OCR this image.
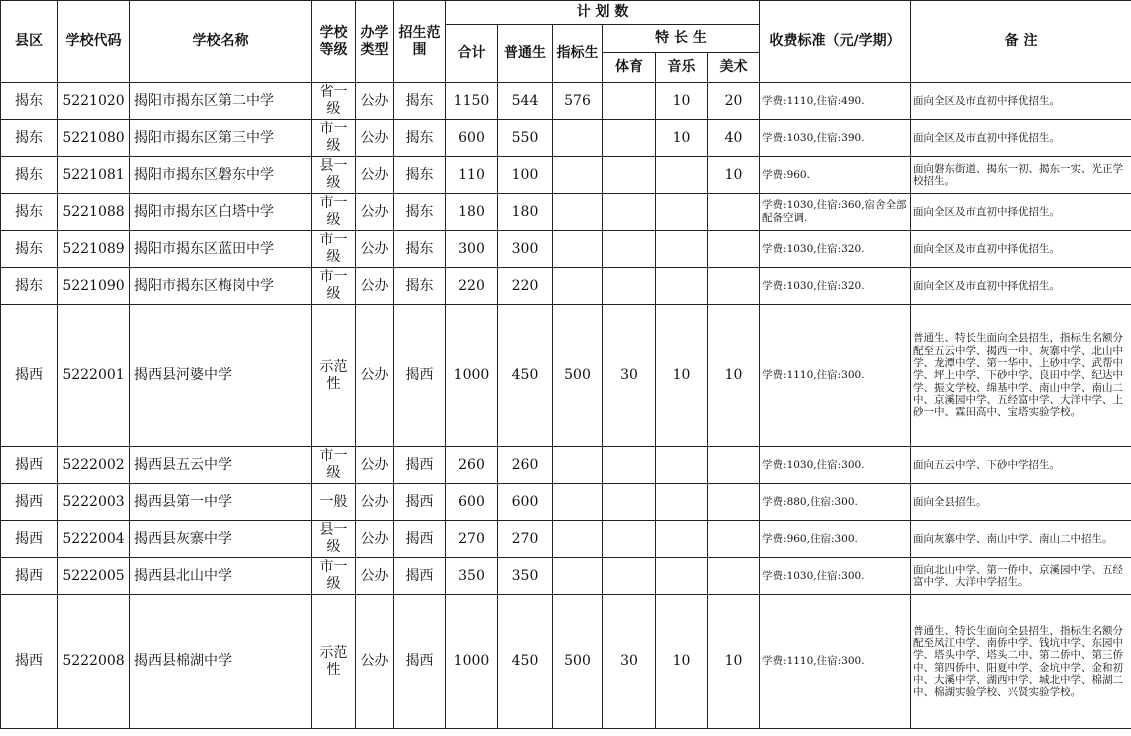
县区	学校代码	学校名称	学校等级	办学类型	招生范围	计 划 数						收费标准（元/学期）	备 注
						合计	普通生	指标生	特 长 生				
									体育	音乐	美术		
揭东	5221020	揭阳市揭东区第二中学	省一级	公办	揭东	1150	544	576		10	20	学费:1110,住宿:490.	面向全区及市直初中择优招生。
揭东	5221080	揭阳市揭东区第三中学	市一级	公办	揭东	600	550			10	40	学费:1030,住宿:390.	面向全区及市直初中择优招生。
揭东	5221081	揭阳市揭东区磐东中学	县一级	公办	揭东	110	100				10	学费:960.	面向磐东街道、揭东一初、揭东一实、光正学校招生。
揭东	5221088	揭阳市揭东区白塔中学	市一级	公办	揭东	180	180					学费:1030,住宿:360,宿舍全部配备空调.	面向全区及市直初中择优招生。
揭东	5221089	揭阳市揭东区蓝田中学	市一级	公办	揭东	300	300					学费:1030,住宿:320.	面向全区及市直初中择优招生。
揭东	5221090	揭阳市揭东区梅岗中学	市一级	公办	揭东	220	220					学费:1030,住宿:320.	面向全区及市直初中择优招生。
揭西	5222001	揭西县河婆中学	示范性	公办	揭西	1000	450	500	30	10	10	学费:1110,住宿:300.	普通生、特长生面向全县招生，指标生名额分配至五云中学、揭西一中、灰寨中学、北山中学、龙潭中学、第一华中、上砂中学、武帮中学、坪上中学、下砂中学、良田中学、纪达中学、振文学校、绵基中学、南山中学、南山二中、京溪园中学、五经富中学、大洋中学、上砂一中、霖田高中、宝塔实验学校。
揭西	5222002	揭西县五云中学	市一级	公办	揭西	260	260					学费:1030,住宿:300.	面向五云中学、下砂中学招生。
揭西	5222003	揭西县第一中学	一般	公办	揭西	600	600					学费:880,住宿:300.	面向全县招生。
揭西	5222004	揭西县灰寨中学	县一级	公办	揭西	270	270					学费:960,住宿:300.	面向灰寨中学、南山中学、南山二中招生。
揭西	5222005	揭西县北山中学	市一级	公办	揭西	350	350					学费:1030,住宿:300.	面向北山中学、第一侨中、京溪园中学、五经富中学、大洋中学招生。
揭西	5222008	揭西县棉湖中学	示范性	公办	揭西	1000	450	500	30	10	10	学费:1110,住宿:300.	普通生、特长生面向全县招生，指标生名额分配至凤江中学、南侨中学、钱坑中学、东园中学、塔头中学、塔头二中、第二侨中、第三侨中、第四侨中、阳夏中学、金坑中学、金和初中、大溪中学、湖西中学、城北中学、棉湖二中、棉湖实验学校、兴贤实验学校。
